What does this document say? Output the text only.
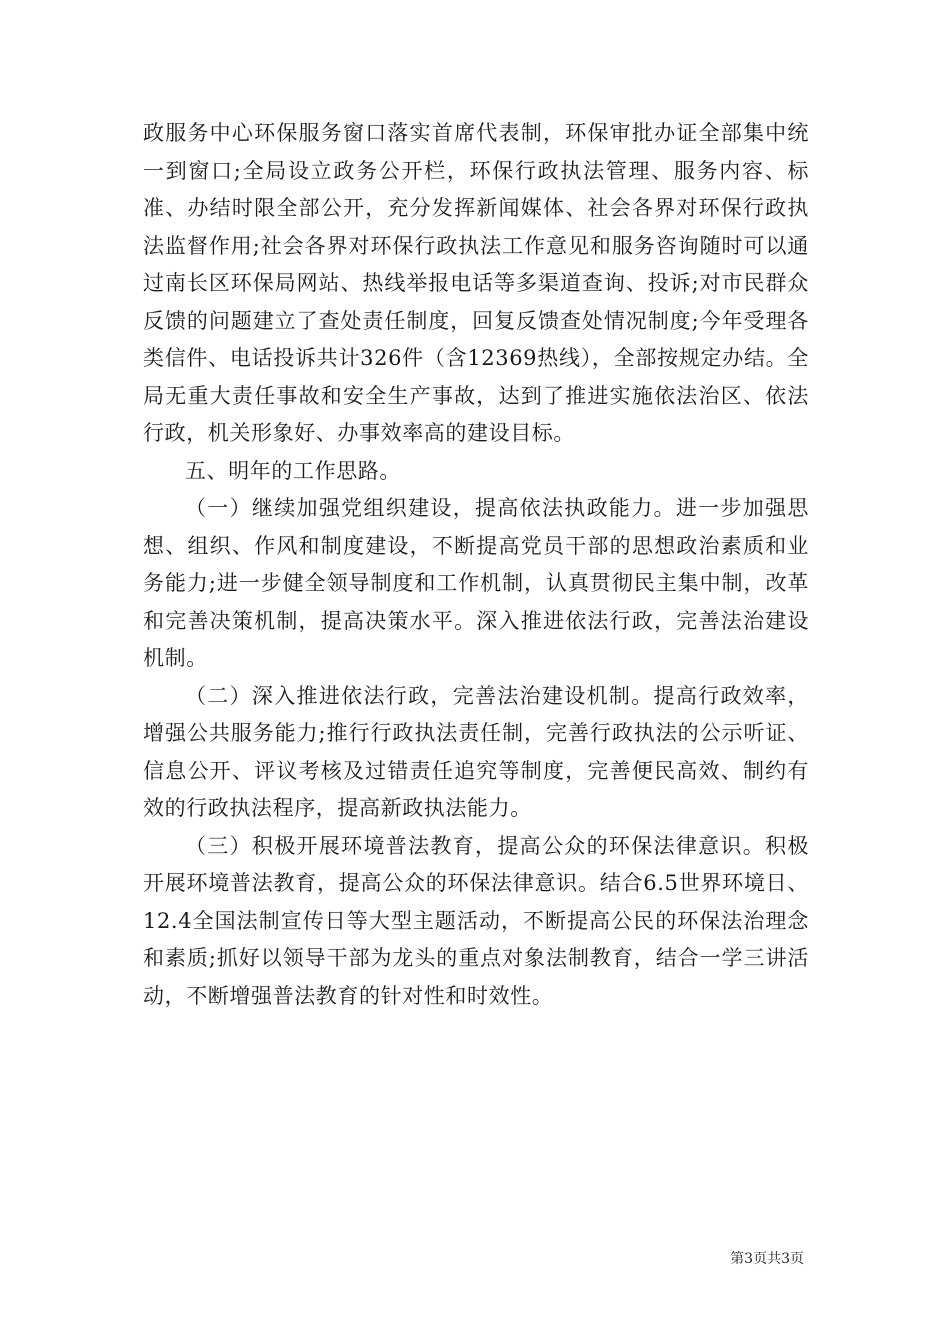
政服务中心环保服务窗口落实首席代表制，环保审批办证全部集中统一到窗口;全局设立政务公开栏，环保行政执法管理、服务内容、标准、办结时限全部公开，充分发挥新闻媒体、社会各界对环保行政执法监督作用;社会各界对环保行政执法工作意见和服务咨询随时可以通过南长区环保局网站、热线举报电话等多渠道查询、投诉;对市民群众反馈的问题建立了查处责任制度，回复反馈查处情况制度;今年受理各类信件、电话投诉共计326件（含12369热线），全部按规定办结。全局无重大责任事故和安全生产事故，达到了推进实施依法治区、依法行政，机关形象好、办事效率高的建设目标。

五、明年的工作思路。

（一）继续加强党组织建设，提高依法执政能力。进一步加强思想、组织、作风和制度建设，不断提高党员干部的思想政治素质和业务能力;进一步健全领导制度和工作机制，认真贯彻民主集中制，改革和完善决策机制，提高决策水平。深入推进依法行政，完善法治建设机制。

（二）深入推进依法行政，完善法治建设机制。提高行政效率，增强公共服务能力;推行行政执法责任制，完善行政执法的公示听证、信息公开、评议考核及过错责任追究等制度，完善便民高效、制约有效的行政执法程序，提高新政执法能力。

（三）积极开展环境普法教育，提高公众的环保法律意识。积极开展环境普法教育，提高公众的环保法律意识。结合6.5世界环境日、12.4全国法制宣传日等大型主题活动，不断提高公民的环保法治理念和素质;抓好以领导干部为龙头的重点对象法制教育，结合一学三讲活动，不断增强普法教育的针对性和时效性。

第3页共3页
